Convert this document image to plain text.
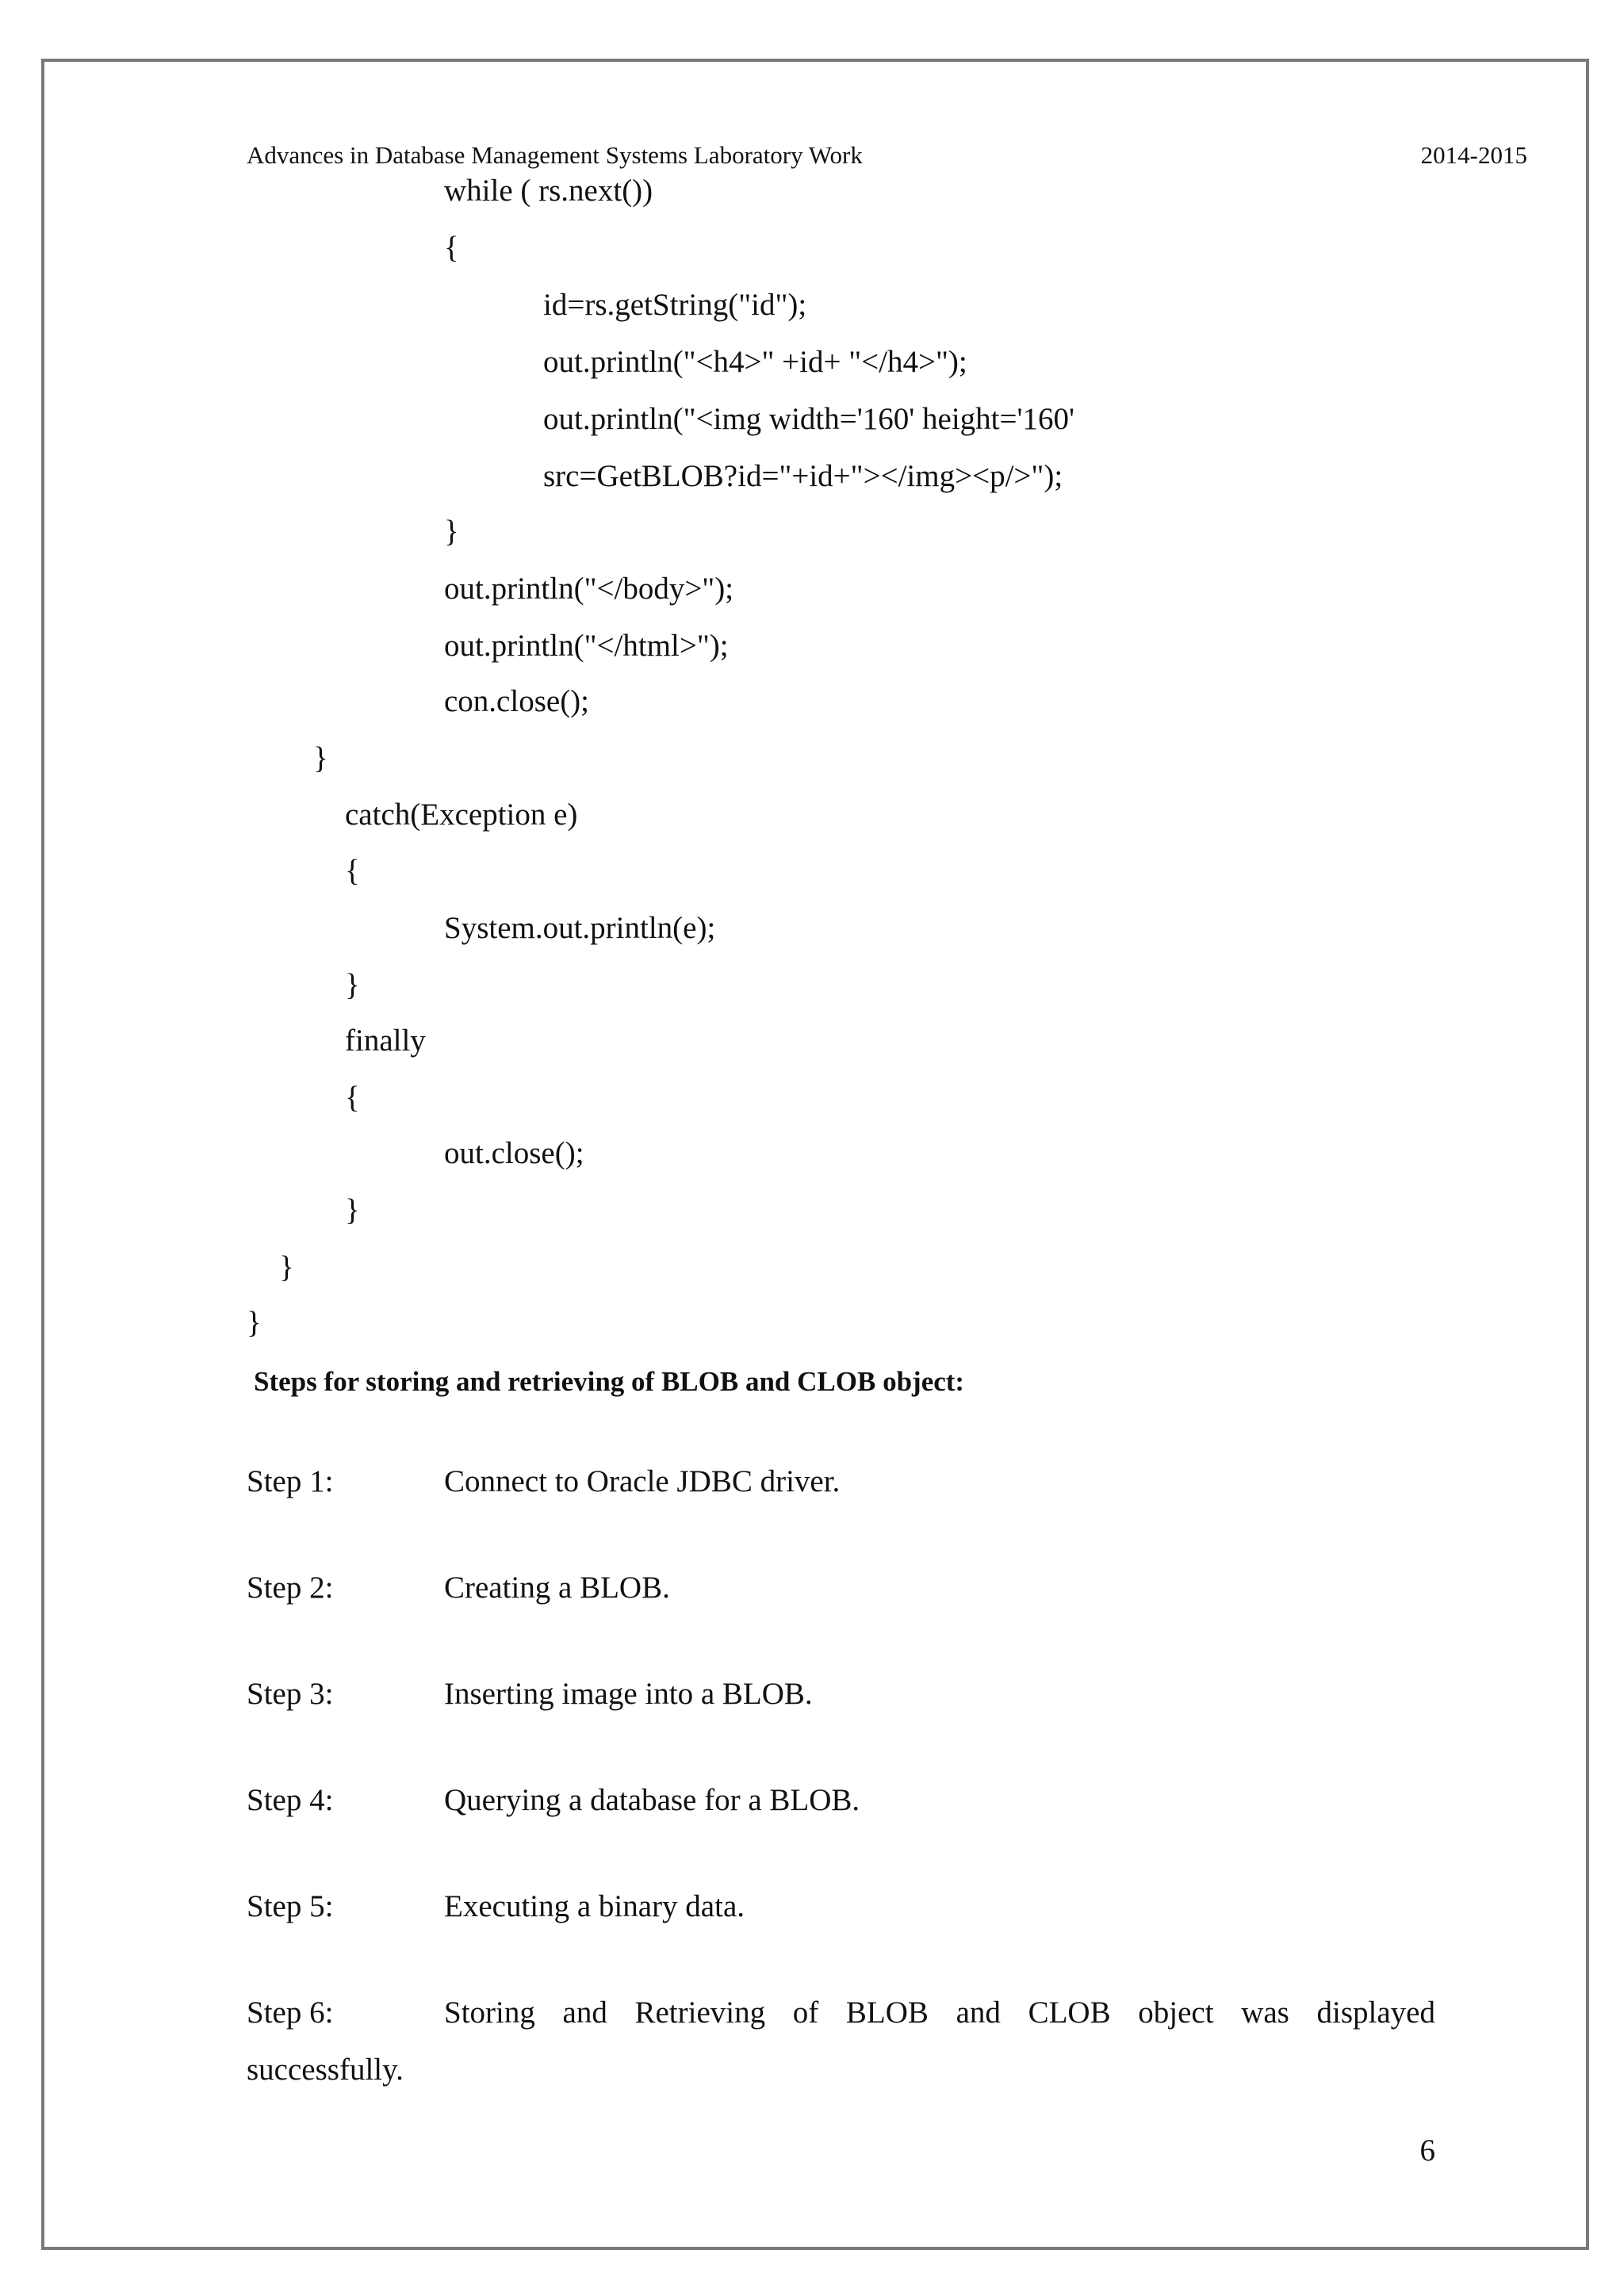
Advances in Database Management Systems Laboratory Work	2014-2015
while ( rs.next())
{
id=rs.getString("id");
out.println("<h4>" +id+ "</h4>");
out.println("<img width='160' height='160'
src=GetBLOB?id="+id+"></img><p/>");
}
out.println("</body>");
out.println("</html>");
con.close();
}
catch(Exception e)
{
System.out.println(e);
}
finally
{
out.close();
}
}
}
Steps for storing and retrieving of BLOB and CLOB object:
Step 1:	Connect to Oracle JDBC driver.
Step 2:	Creating a BLOB.
Step 3:	Inserting image into a BLOB.
Step 4:	Querying a database for a BLOB.
Step 5:	Executing a binary data.
Step 6:	Storing and Retrieving of BLOB and CLOB object was displayed
successfully.
6
